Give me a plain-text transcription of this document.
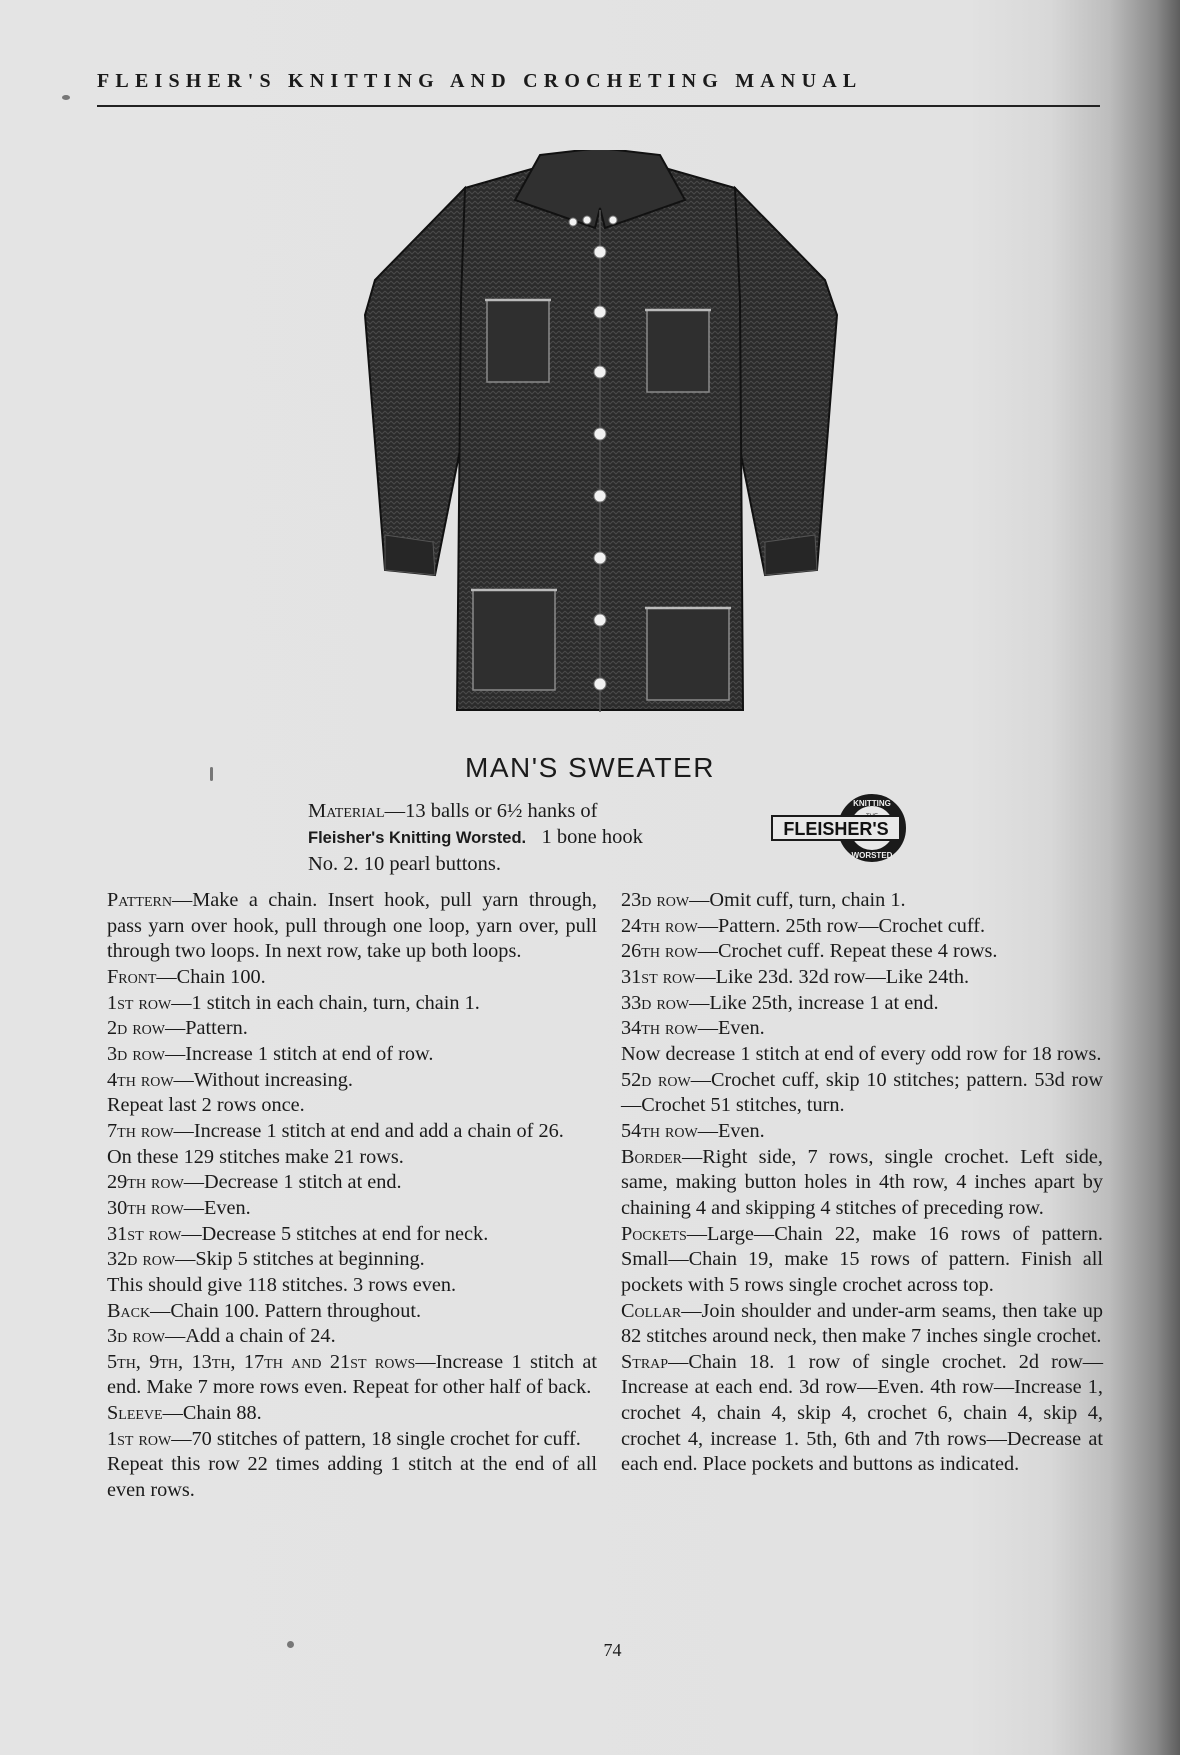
FLEISHER'S KNITTING AND CROCHETING MANUAL
MAN'S SWEATER
Material—13 balls or 6½ hanks of
Fleisher's Knitting Worsted. 1 bone hook
No. 2. 10 pearl buttons.
KNITTING
WORSTED
FLEISHER'S

Pattern—Make a chain. Insert hook, pull yarn through, pass yarn over hook, pull through one loop, yarn over, pull through two loops. In next row, take up both loops.

Front—Chain 100.

1st row—1 stitch in each chain, turn, chain 1.

2d row—Pattern.

3d row—Increase 1 stitch at end of row.

4th row—Without increasing.

Repeat last 2 rows once.

7th row—Increase 1 stitch at end and add a chain of 26.

On these 129 stitches make 21 rows.

29th row—Decrease 1 stitch at end.

30th row—Even.

31st row—Decrease 5 stitches at end for neck.

32d row—Skip 5 stitches at beginning.

This should give 118 stitches. 3 rows even.

Back—Chain 100. Pattern throughout.

3d row—Add a chain of 24.

5th, 9th, 13th, 17th and 21st rows—Increase 1 stitch at end. Make 7 more rows even. Repeat for other half of back.

Sleeve—Chain 88.

1st row—70 stitches of pattern, 18 single crochet for cuff.

Repeat this row 22 times adding 1 stitch at the end of all even rows.

23d row—Omit cuff, turn, chain 1.

24th row—Pattern. 25th row—Crochet cuff.

26th row—Crochet cuff. Repeat these 4 rows.

31st row—Like 23d. 32d row—Like 24th.

33d row—Like 25th, increase 1 at end.

34th row—Even.

Now decrease 1 stitch at end of every odd row for 18 rows.

52d row—Crochet cuff, skip 10 stitches; pattern. 53d row—Crochet 51 stitches, turn.

54th row—Even.

Border—Right side, 7 rows, single crochet. Left side, same, making button holes in 4th row, 4 inches apart by chaining 4 and skipping 4 stitches of preceding row.

Pockets—Large—Chain 22, make 16 rows of pattern. Small—Chain 19, make 15 rows of pattern. Finish all pockets with 5 rows single crochet across top.

Collar—Join shoulder and under-arm seams, then take up 82 stitches around neck, then make 7 inches single crochet.

Strap—Chain 18. 1 row of single crochet. 2d row—Increase at each end. 3d row—Even. 4th row—Increase 1, crochet 4, chain 4, skip 4, crochet 6, chain 4, skip 4, crochet 4, increase 1. 5th, 6th and 7th rows—Decrease at each end. Place pockets and buttons as indicated.

74
